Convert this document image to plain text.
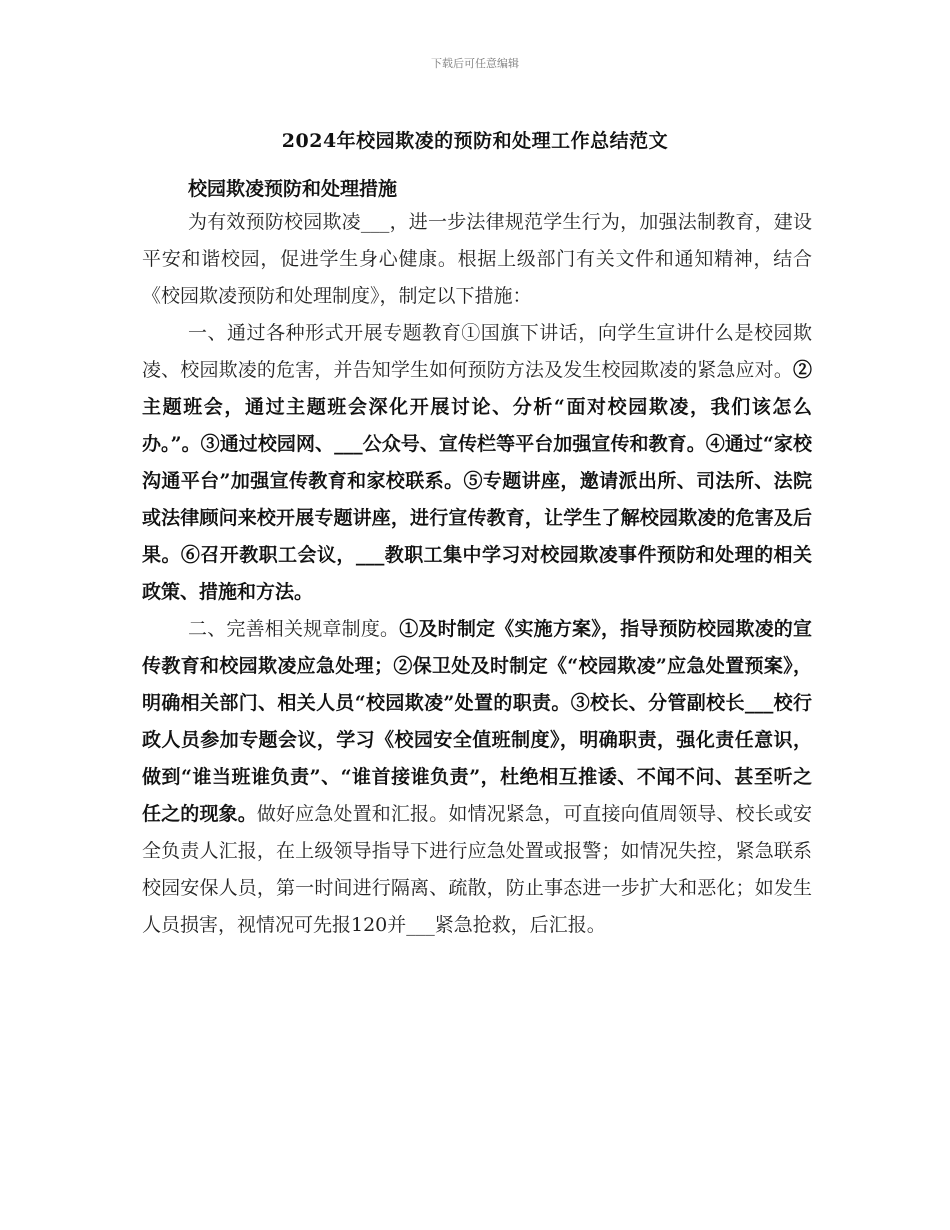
下载后可任意编辑
2024年校园欺凌的预防和处理工作总结范文
校园欺凌预防和处理措施

为有效预防校园欺凌___，进一步法律规范学生行为，加强法制教育，建设平安和谐校园，促进学生身心健康。根据上级部门有关文件和通知精神，结合《校园欺凌预防和处理制度》，制定以下措施：

一、通过各种形式开展专题教育①国旗下讲话，向学生宣讲什么是校园欺凌、校园欺凌的危害，并告知学生如何预防方法及发生校园欺凌的紧急应对。②主题班会，通过主题班会深化开展讨论、分析“面对校园欺凌，我们该怎么办。”。③通过校园网、___公众号、宣传栏等平台加强宣传和教育。④通过“家校沟通平台”加强宣传教育和家校联系。⑤专题讲座，邀请派出所、司法所、法院或法律顾问来校开展专题讲座，进行宣传教育，让学生了解校园欺凌的危害及后果。⑥召开教职工会议，___教职工集中学习对校园欺凌事件预防和处理的相关政策、措施和方法。

二、完善相关规章制度。①及时制定《实施方案》，指导预防校园欺凌的宣传教育和校园欺凌应急处理；②保卫处及时制定《“校园欺凌”应急处置预案》，明确相关部门、相关人员“校园欺凌”处置的职责。③校长、分管副校长___校行政人员参加专题会议，学习《校园安全值班制度》，明确职责，强化责任意识，做到“谁当班谁负责”、“谁首接谁负责”，杜绝相互推诿、不闻不问、甚至听之任之的现象。做好应急处置和汇报。如情况紧急，可直接向值周领导、校长或安全负责人汇报，在上级领导指导下进行应急处置或报警；如情况失控，紧急联系校园安保人员，第一时间进行隔离、疏散，防止事态进一步扩大和恶化；如发生人员损害，视情况可先报120并___紧急抢救，后汇报。
